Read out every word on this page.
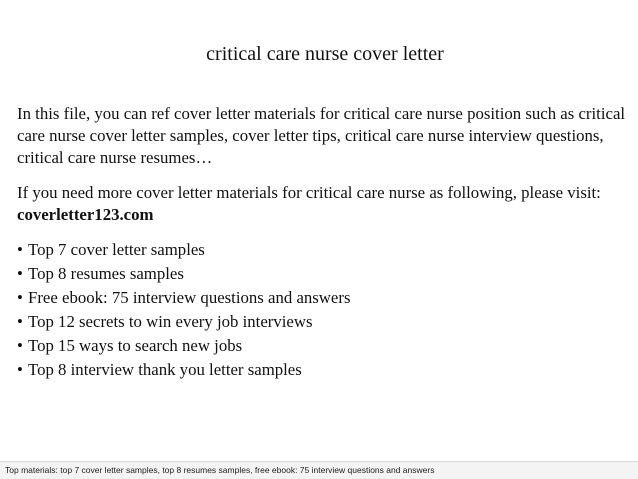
critical care nurse cover letter

In this file, you can ref cover letter materials for critical care nurse position such as critical care nurse cover letter samples, cover letter tips, critical care nurse interview questions, critical care nurse resumes…

If you need more cover letter materials for critical care nurse as following, please visit: coverletter123.com

• Top 7 cover letter samples
• Top 8 resumes samples
• Free ebook: 75 interview questions and answers
• Top 12 secrets to win every job interviews
• Top 15 ways to search new jobs
• Top 8 interview thank you letter samples
Top materials: top 7 cover letter samples, top 8 resumes samples, free ebook: 75 interview questions and answers
